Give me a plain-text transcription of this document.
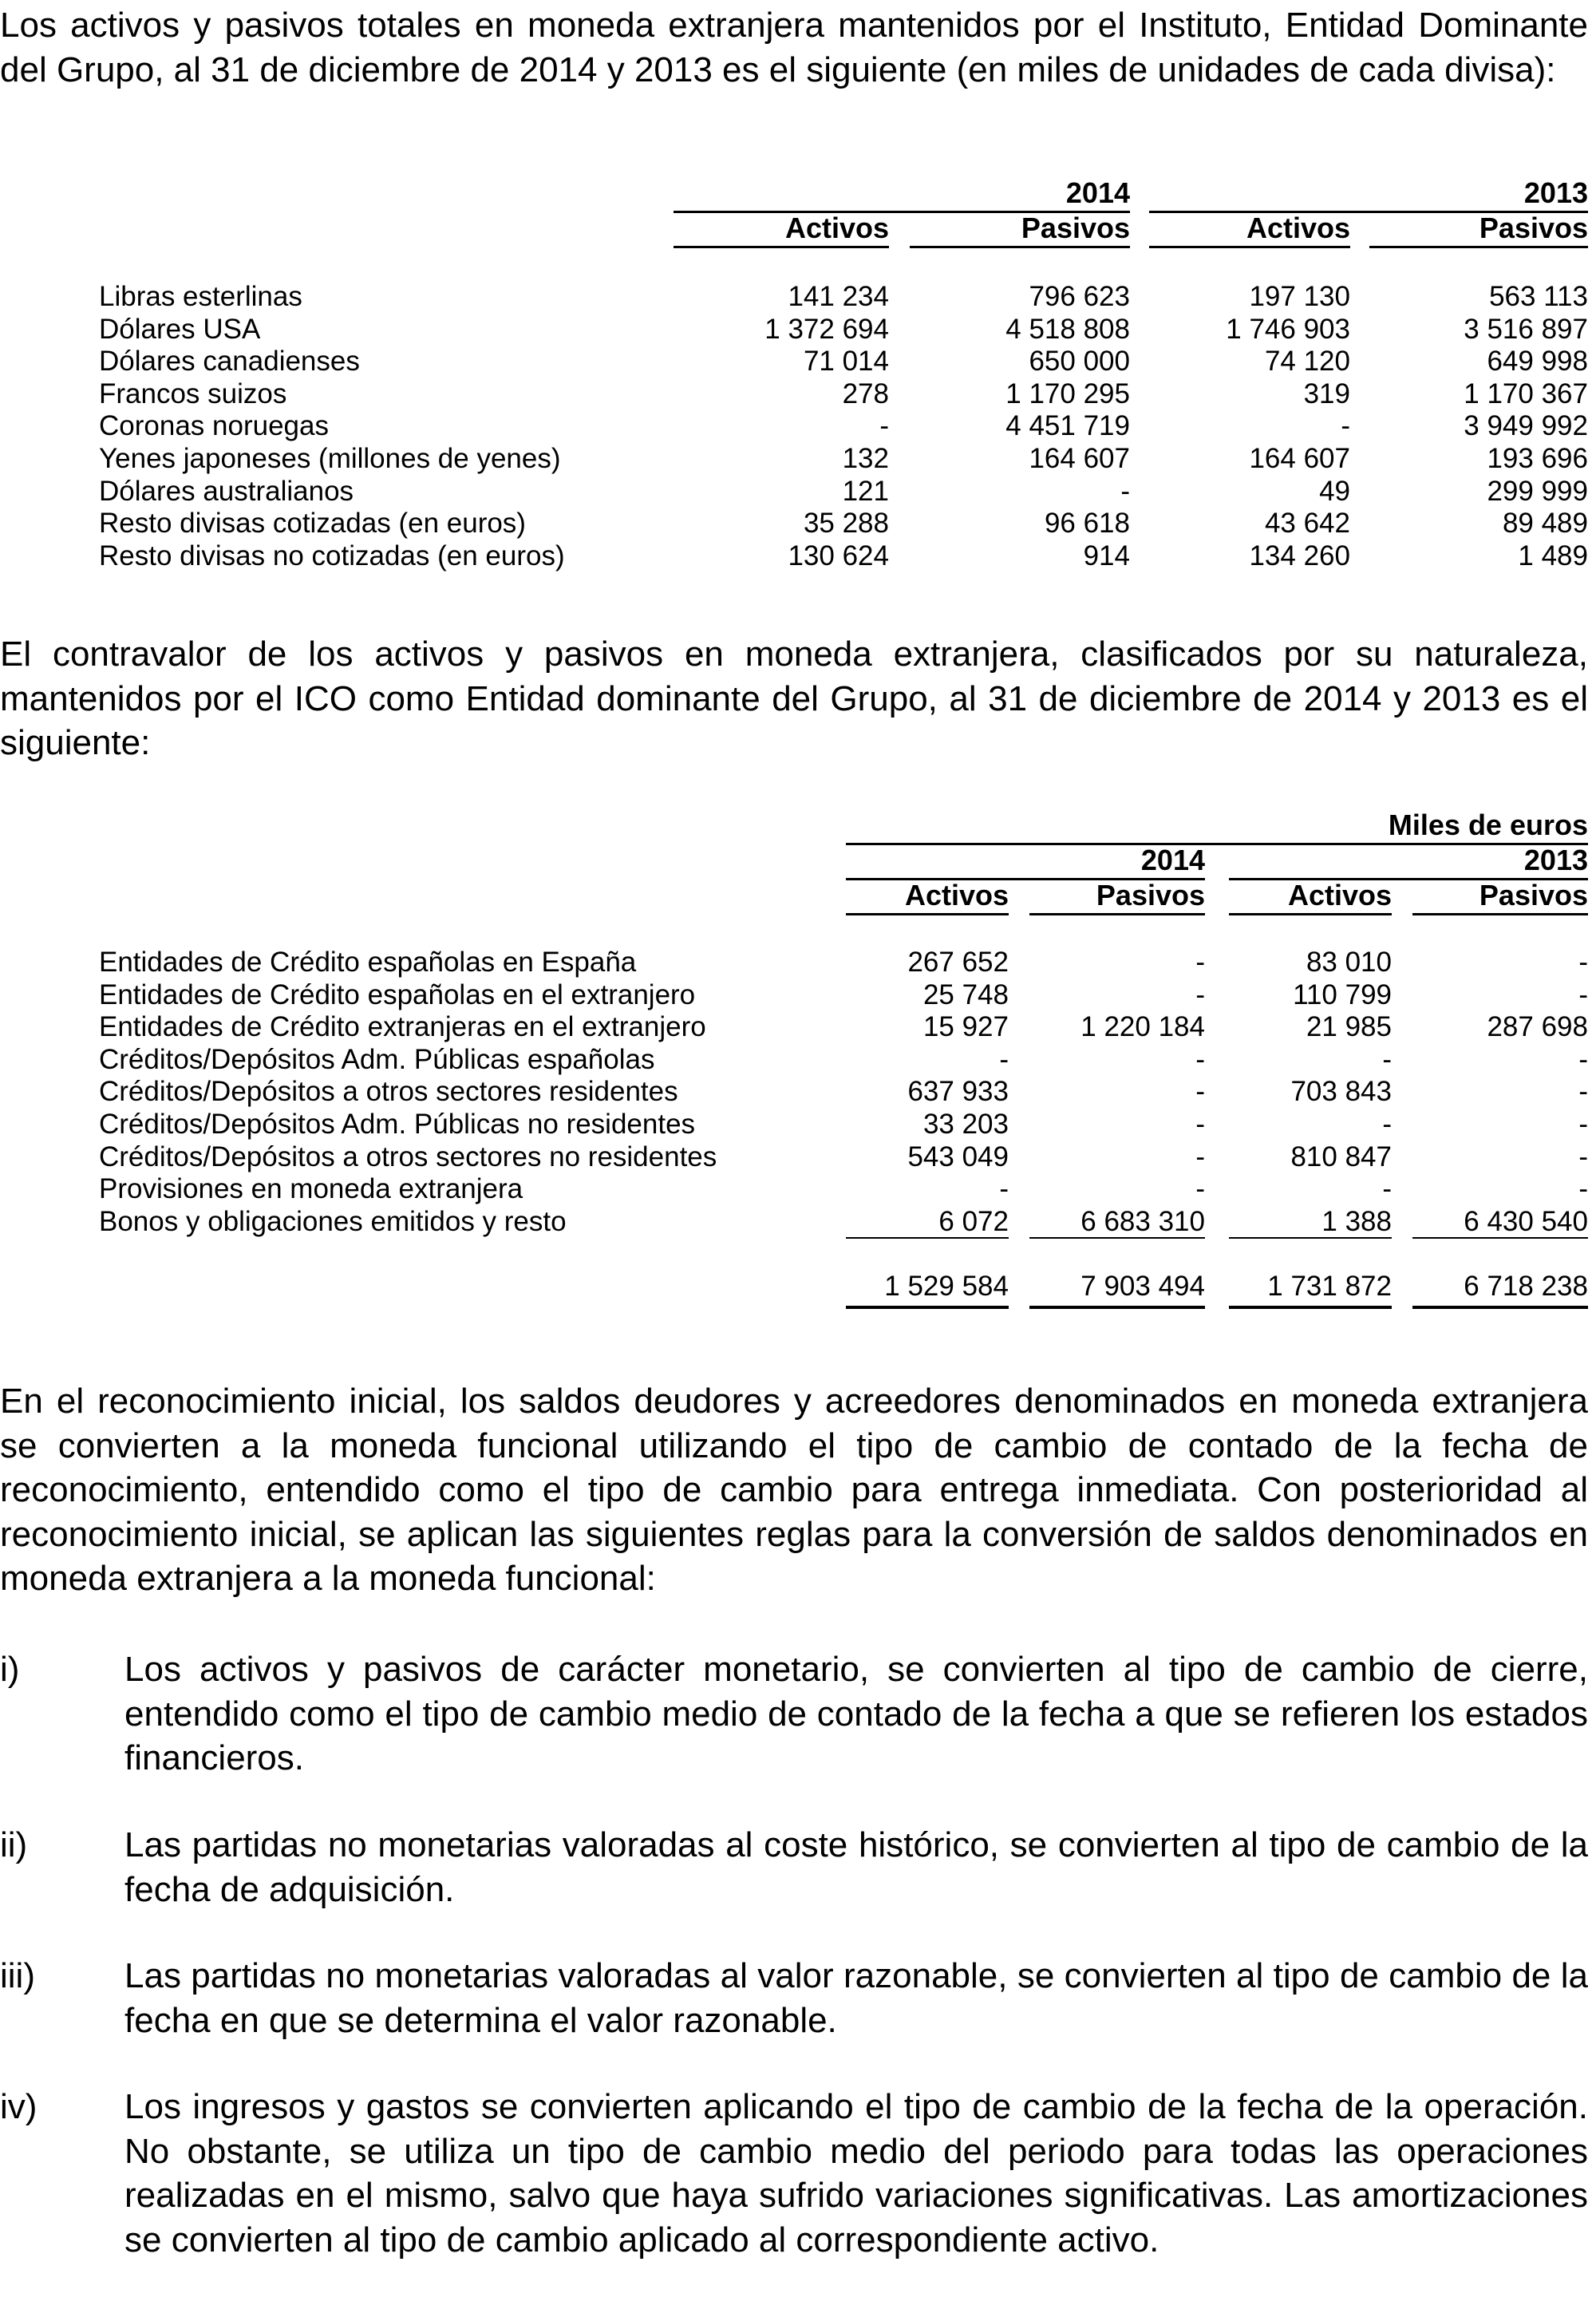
Los activos y pasivos totales en moneda extranjera mantenidos por el Instituto, Entidad Dominante del Grupo, al 31 de diciembre de 2014 y 2013 es el siguiente (en miles de unidades de cada divisa):

2014	2013
Activos	Pasivos	Activos	Pasivos
Libras esterlinas	141 234	796 623	197 130	563 113
Dólares USA	1 372 694	4 518 808	1 746 903	3 516 897
Dólares canadienses	71 014	650 000	74 120	649 998
Francos suizos	278	1 170 295	319	1 170 367
Coronas noruegas	-	4 451 719	-	3 949 992
Yenes japoneses (millones de yenes)	132	164 607	164 607	193 696
Dólares australianos	121	-	49	299 999
Resto divisas cotizadas (en euros)	35 288	96 618	43 642	89 489
Resto divisas no cotizadas (en euros)	130 624	914	134 260	1 489

El contravalor de los activos y pasivos en moneda extranjera, clasificados por su naturaleza, mantenidos por el ICO como Entidad dominante del Grupo, al 31 de diciembre de 2014 y 2013 es el siguiente:

Miles de euros
2014	2013
Activos	Pasivos	Activos	Pasivos
Entidades de Crédito españolas en España	267 652	-	83 010	-
Entidades de Crédito españolas en el extranjero	25 748	-	110 799	-
Entidades de Crédito extranjeras en el extranjero	15 927	1 220 184	21 985	287 698
Créditos/Depósitos Adm. Públicas españolas	-	-	-	-
Créditos/Depósitos a otros sectores residentes	637 933	-	703 843	-
Créditos/Depósitos Adm. Públicas no residentes	33 203	-	-	-
Créditos/Depósitos a otros sectores no residentes	543 049	-	810 847	-
Provisiones en moneda extranjera	-	-	-	-
Bonos y obligaciones emitidos y resto	6 072	6 683 310	1 388	6 430 540
1 529 584	7 903 494	1 731 872	6 718 238

En el reconocimiento inicial, los saldos deudores y acreedores denominados en moneda extranjera se convierten a la moneda funcional utilizando el tipo de cambio de contado de la fecha de reconocimiento, entendido como el tipo de cambio para entrega inmediata. Con posterioridad al reconocimiento inicial, se aplican las siguientes reglas para la conversión de saldos denominados en moneda extranjera a la moneda funcional:

i)	Los activos y pasivos de carácter monetario, se convierten al tipo de cambio de cierre, entendido como el tipo de cambio medio de contado de la fecha a que se refieren los estados financieros.

ii)	Las partidas no monetarias valoradas al coste histórico, se convierten al tipo de cambio de la fecha de adquisición.

iii)	Las partidas no monetarias valoradas al valor razonable, se convierten al tipo de cambio de la fecha en que se determina el valor razonable.

iv) Los ingresos y gastos se convierten aplicando el tipo de cambio de la fecha de la operación. No obstante, se utiliza un tipo de cambio medio del periodo para todas las operaciones realizadas en el mismo, salvo que haya sufrido variaciones significativas. Las amortizaciones se convierten al tipo de cambio aplicado al correspondiente activo.
